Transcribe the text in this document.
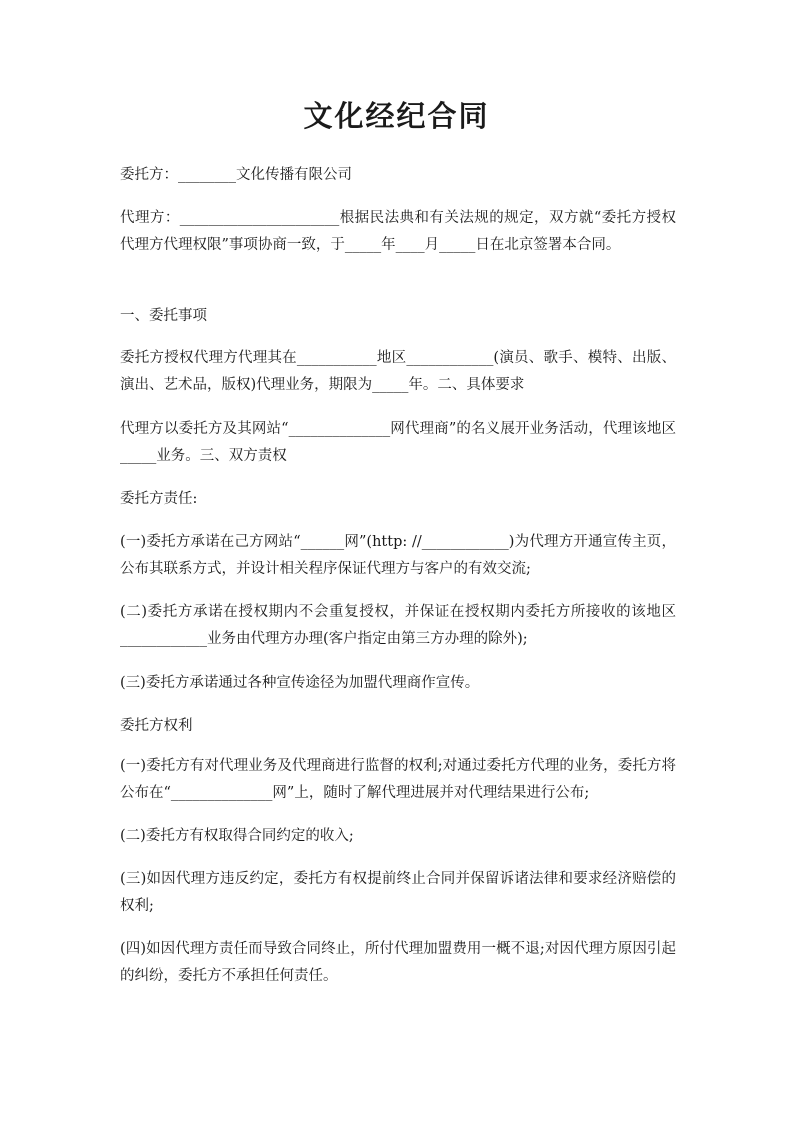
文化经纪合同

委托方：________文化传播有限公司

代理方：______________________根据民法典和有关法规的规定，双方就“委托方授权代理方代理权限”事项协商一致，于_____年____月_____日在北京签署本合同。

一、委托事项

委托方授权代理方代理其在___________地区____________(演员、歌手、模特、出版、演出、艺术品，版权)代理业务，期限为_____年。二、具体要求

代理方以委托方及其网站“______________网代理商”的名义展开业务活动，代理该地区_____业务。三、双方责权

委托方责任:

(一)委托方承诺在己方网站“______网”(http: //____________)为代理方开通宣传主页，公布其联系方式，并设计相关程序保证代理方与客户的有效交流;

(二)委托方承诺在授权期内不会重复授权，并保证在授权期内委托方所接收的该地区____________业务由代理方办理(客户指定由第三方办理的除外);

(三)委托方承诺通过各种宣传途径为加盟代理商作宣传。

委托方权利

(一)委托方有对代理业务及代理商进行监督的权利;对通过委托方代理的业务，委托方将公布在“______________网”上，随时了解代理进展并对代理结果进行公布;

(二)委托方有权取得合同约定的收入;

(三)如因代理方违反约定，委托方有权提前终止合同并保留诉诸法律和要求经济赔偿的权利;

(四)如因代理方责任而导致合同终止，所付代理加盟费用一概不退;对因代理方原因引起的纠纷，委托方不承担任何责任。
